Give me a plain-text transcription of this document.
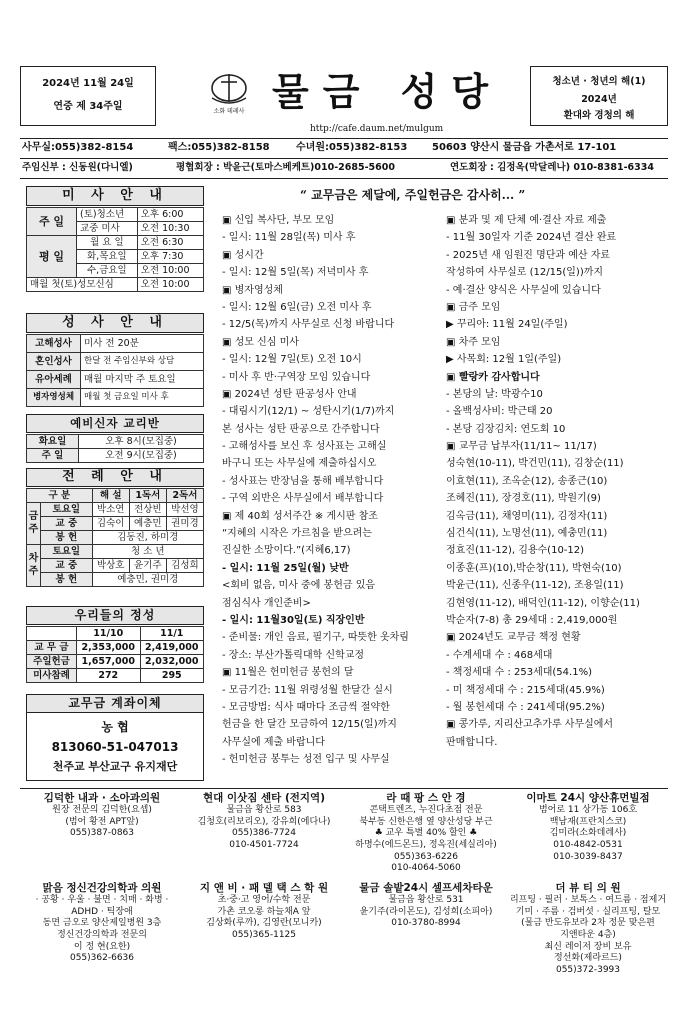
2024년 11월 24일
연중 제 34주일	소화 데레사 물금 성당
http://cafe.daum.net/mulgum
청소년 · 청년의 해(1)
2024년
환대와 경청의 해
사무실:055)382-8154	팩스:055)382-8158	수녀원:055)382-8153 50603 양산시 물금읍 가촌서로 17-101
주임신부 : 신동원(다니엘)	평협회장 : 박윤근(토마스베케트)010-2685-5600	연도회장 : 김정옥(막달레나) 010-8381-6334
미 사 안 내
주 일	(토)청소년	오후 6:00
	교중 미사	오전 10:30
평 일	월 요 일	오전 6:30
	화,목요일	오후 7:30
	수,금요일	오전 10:00
매월 첫(토)성모신심		오전 10:00
성 사 안 내
고해성사	미사 전 20분
혼인성사	한달 전 주임신부와 상담
유아세례	매월 마지막 주 토요일
병자영성체	매월 첫 금요일 미사 후
예비신자 교리반
화요일	오후 8시(모집중)
주 일	오전 9시(모집중)
전 례 안 내
구 분		해 설	1독서	2독서
금 주	토요일	박소연	전상빈	박선영
	교 중	김숙이	예충민	권미경
	봉 헌	김동진, 하미경		
차 주	토요일	청 소 년		
	교 중	박상호	윤기주	김성희
	봉 헌	예충민, 권미경		
우리들의 정성
	11/10	11/1
교 무 금	2,353,000	2,419,000
주일헌금	1,657,000	2,032,000
미사참례	272	295
교무금 계좌이체
농 협
813060-51-047013
천주교 부산교구 유지재단
“ 교무금은 제달에, 주일헌금은 감사히... ”
▣ 신입 복사단, 부모 모임
- 일시: 11월 28일(목) 미사 후
▣ 성시간
- 일시: 12월 5일(목) 저녁미사 후
▣ 병자영성체
- 일시: 12월 6일(금) 오전 미사 후
- 12/5(목)까지 사무실로 신청 바랍니다
▣ 성모 신심 미사
- 일시: 12월 7일(토) 오전 10시
- 미사 후 반·구역장 모임 있습니다
▣ 2024년 성탄 판공성사 안내
- 대림시기(12/1) ~ 성탄시기(1/7)까지
본 성사는 성탄 판공으로 간주합니다
- 고해성사를 보신 후 성사표는 고해실
바구니 또는 사무실에 제출하십시오
- 성사표는 반장님을 통해 배부합니다
- 구역 외반은 사무실에서 배부합니다
▣ 제 40회 성서주간 ※ 게시판 참조
“지혜의 시작은 가르침을 받으려는
진실한 소망이다.”(지혜6,17)
- 일시: 11월 25일(월) 낮반
<회비 없음, 미사 중에 봉헌금 있음
점심식사 개인준비>
- 일시: 11월30일(토) 직장인반
- 준비물: 개인 음료, 필기구, 따뜻한 옷차림
- 장소: 부산가톨릭대학 신학교정
▣ 11월은 헌미헌금 봉헌의 달
- 모금기간: 11월 위령성월 한달간 실시
- 모금방법: 식사 때마다 조금씩 절약한
헌금을 한 달간 모금하여 12/15(일)까지
사무실에 제출 바랍니다
- 헌미헌금 봉투는 성전 입구 및 사무실
▣ 분과 및 제 단체 예·결산 자료 제출
- 11월 30일자 기준 2024년 결산 완료
- 2025년 새 임원진 명단과 예산 자료
작성하여 사무실로 (12/15(일))까지
- 예·결산 양식은 사무실에 있습니다
▣ 금주 모임
▶ 꾸리아: 11월 24일(주일)
▣ 차주 모임
▶ 사목회: 12월 1일(주일)
▣ 빨랑카 감사합니다
- 본당의 날: 박광수10
- 올백성사비: 박근태 20
- 본당 김장김치: 연도회 10
▣ 교무금 납부자(11/11~ 11/17)
성숙현(10-11), 박건민(11), 김창순(11)
이효현(11), 조옥순(12), 송종근(10)
조혜진(11), 장경호(11), 박원기(9)
김옥금(11), 채영미(11), 김정자(11)
심건식(11), 노명선(11), 예충민(11)
정효진(11-12), 김용수(10-12)
이종훈(프)(10),박순창(11), 박현숙(10)
박윤근(11), 신종우(11-12), 조용일(11)
김현영(11-12), 배덕인(11-12), 이향순(11)
박순자(7-8) 총 29세대 : 2,419,000원
▣ 2024년도 교무금 책정 현황
- 수계세대 수 : 468세대
- 책정세대 수 : 253세대(54.1%)
- 미 책정세대 수 : 215세대(45.9%)
- 월 봉헌세대 수 : 241세대(95.2%)
▣ 콩가루, 지리산고추가루 사무실에서
판매합니다.
김덕한 내과 · 소아과의원
원장 전문의 김덕한(요셉)
(범어 황전 APT앞)
055)387-0863
현대 이삿짐 센타 (전지역)
물금읍 황산로 583
김청호(리보리오), 강유희(에다나)
055)386-7724
010-4501-7724
라 때 팡 스 안 경
콘택트렌즈, 누진다초점 전문
북부동 신한은행 옆 양산성당 부근
♣ 교우 특별 40% 할인 ♣
하명수(에드몬드), 정옥진(세실리아)
055)363-6226
010-4064-5060
이마트 24시 양산휴먼빌점
범어로 11 상가동 106호
백남재(프란치스코)
김미라(소화데레사)
010-4842-0531
010-3039-8437
맑음 정신건강의학과 의원
· 공황 · 우울 · 불면 · 치매 · 화병 · ADHD · 틱장애
동면 금오로 양산제일병원 3층
정신건강의학과 전문의
이 정 현(요한)
055)362-6636
지 앤 비 · 패 델 택 스 학 원
초·중·고 영어/수학 전문
가촌 코오롱 하늘채A 앞
김상화(루까), 김영란(모니카)
055)365-1125
물금 솔밭24시 셀프세차타운
물금읍 황산로 531
윤기주(라이몬도), 김성희(소피아)
010-3780-8994
더 뷰 티 의 원
리프팅 · 필러 · 보톡스 · 여드름 · 점제거
기미 · 주름 · 검버섯 · 실리프팅, 탈모
(물금 반도유보라 2차 정문 맞은편
지앤타운 4층)
최신 레이저 장비 보유
정선화(제라르드)
055)372-3993
